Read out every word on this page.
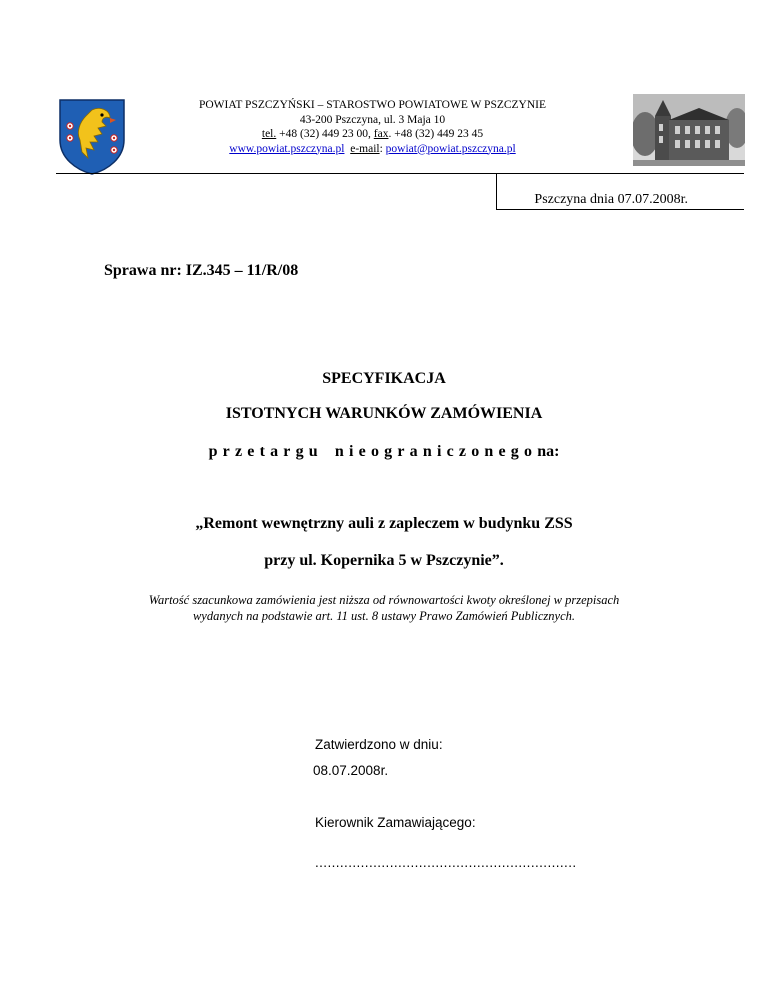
POWIAT PSZCZYŃSKI – STAROSTWO POWIATOWE W PSZCZYNIE
43-200 Pszczyna, ul. 3 Maja 10
tel. +48 (32) 449 23 00, fax. +48 (32) 449 23 45
www.powiat.pszczyna.pl e-mail: powiat@powiat.pszczyna.pl
Pszczyna dnia 07.07.2008r.
Sprawa nr: IZ.345 – 11/R/08
SPECYFIKACJA
ISTOTNYCH WARUNKÓW ZAMÓWIENIA
przetargu nieograniczonegona:
„Remont wewnętrzny auli z zapleczem w budynku ZSS
przy ul. Kopernika 5 w Pszczynie”.
Wartość szacunkowa zamówienia jest niższa od równowartości kwoty określonej w przepisach
wydanych na podstawie art. 11 ust. 8 ustawy Prawo Zamówień Publicznych.
Zatwierdzono w dniu:
08.07.2008r.
Kierownik Zamawiającego:
...............................................................
